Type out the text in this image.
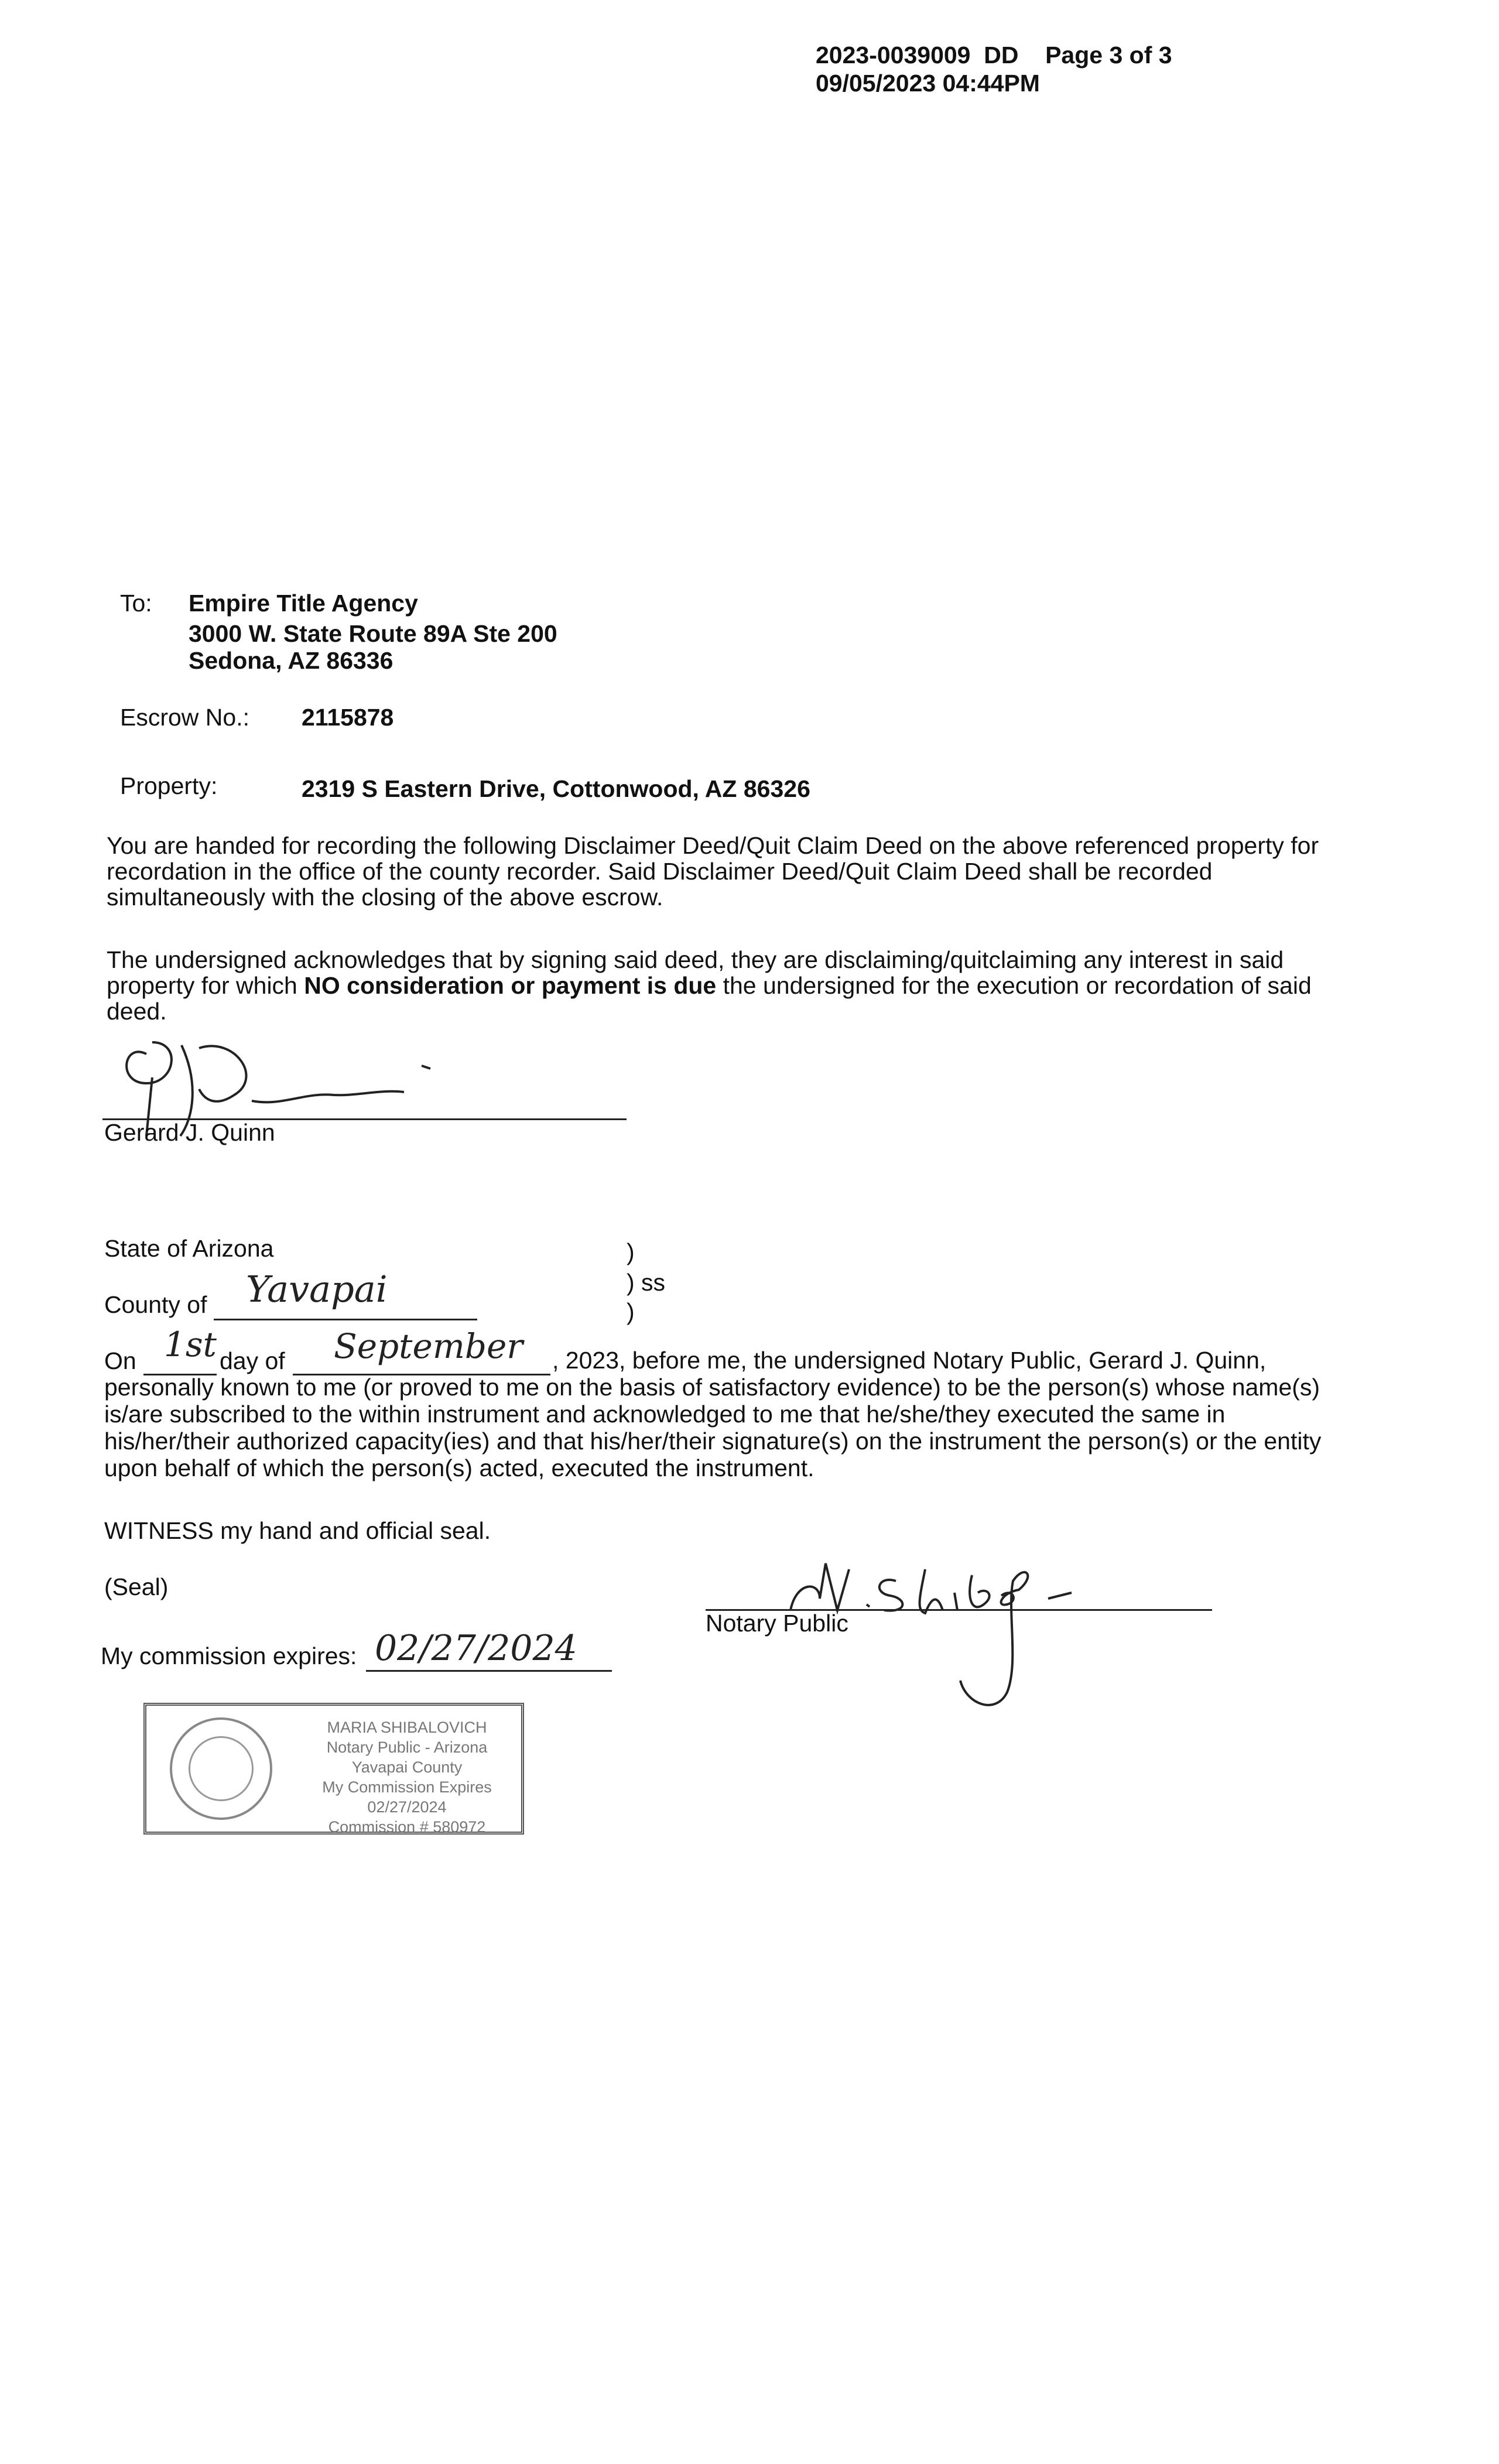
2023-0039009 DD Page 3 of 3
09/05/2023 04:44PM
To: Empire Title Agency
3000 W. State Route 89A Ste 200
Sedona, AZ 86336
Escrow No.: 2115878
Property:	2319 S Eastern Drive, Cottonwood, AZ 86326
You are handed for recording the following Disclaimer Deed/Quit Claim Deed on the above referenced property for recordation in the office of the county recorder. Said Disclaimer Deed/Quit Claim Deed shall be recorded simultaneously with the closing of the above escrow.
The undersigned acknowledges that by signing said deed, they are disclaiming/quitclaiming any interest in said property for which NO consideration or payment is due the undersigned for the execution or recordation of said deed.
Gerard J. Quinn
State of Arizona	)
) ss
)
County of Yavapai
On 1st day of September	, 2023, before me, the undersigned Notary Public, Gerard J. Quinn, personally known to me (or proved to me on the basis of satisfactory evidence) to be the person(s) whose name(s) is/are subscribed to the within instrument and acknowledged to me that he/she/they executed the same in his/her/their authorized capacity(ies) and that his/her/their signature(s) on the instrument the person(s) or the entity upon behalf of which the person(s) acted, executed the instrument.
WITNESS my hand and official seal.
(Seal)
Notary Public
My commission expires: 02/27/2024
MARIA SHIBALOVICH
Notary Public - Arizona
Yavapai County
My Commission Expires
02/27/2024
Commission # 580972
